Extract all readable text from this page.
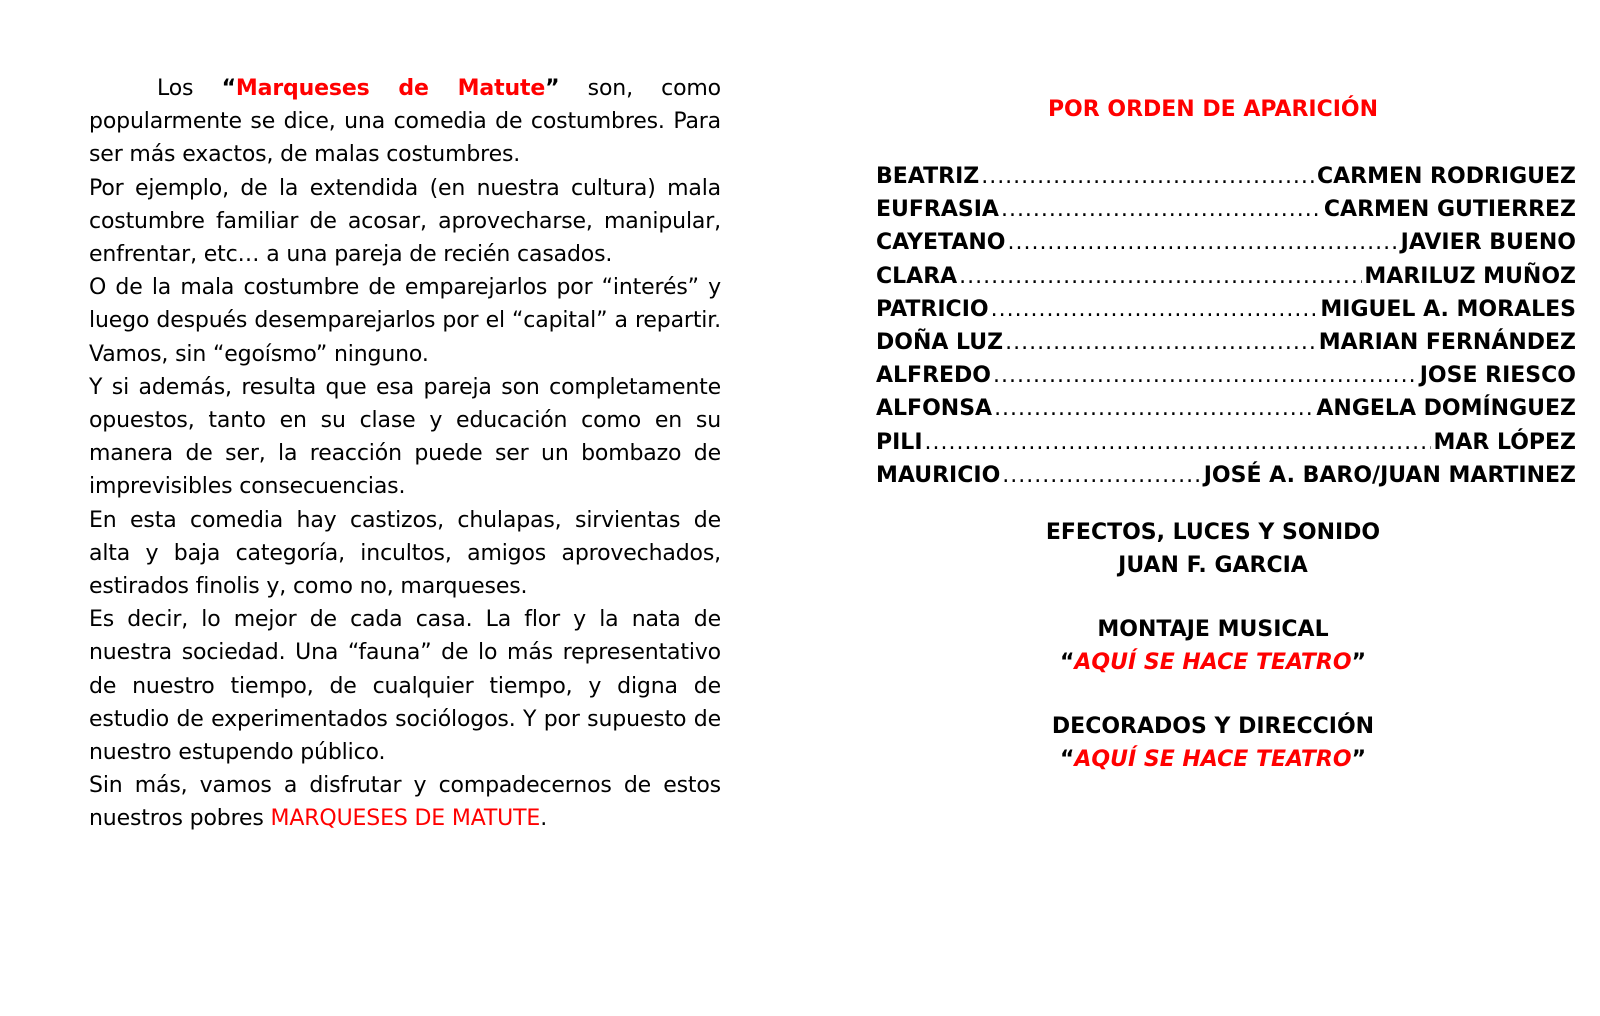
Los “Marqueses de Matute” son, como popularmente se dice, una comedia de costumbres. Para ser más exactos, de malas costumbres.

Por ejemplo, de la extendida (en nuestra cultura) mala costumbre familiar de acosar, aprovecharse, manipular, enfrentar, etc… a una pareja de recién casados.

O de la mala costumbre de emparejarlos por “interés” y luego después desemparejarlos por el “capital” a repartir. Vamos, sin “egoísmo” ninguno.

Y si además, resulta que esa pareja son completamente opuestos, tanto en su clase y educación como en su manera de ser, la reacción puede ser un bombazo de imprevisibles consecuencias.

En esta comedia hay castizos, chulapas, sirvientas de alta y baja categoría, incultos, amigos aprovechados, estirados finolis y, como no, marqueses.

Es decir, lo mejor de cada casa. La flor y la nata de nuestra sociedad. Una “fauna” de lo más representativo de nuestro tiempo, de cualquier tiempo, y digna de estudio de experimentados sociólogos. Y por supuesto de nuestro estupendo público.

Sin más, vamos a disfrutar y compadecernos de estos nuestros pobres MARQUESES DE MATUTE.

POR ORDEN DE APARICIÓN
BEATRIZ .....	CARMEN RODRIGUEZ
EUFRASIA .....	CARMEN GUTIERREZ
CAYETANO .....	JAVIER BUENO
CLARA .....	MARILUZ MUÑOZ
PATRICIO .....	MIGUEL A. MORALES
DOÑA LUZ .....	MARIAN FERNÁNDEZ
ALFREDO .....	JOSE RIESCO
ALFONSA .....	ANGELA DOMÍNGUEZ
PILI .....	MAR LÓPEZ
MAURICIO .....	JOSÉ A. BARO/JUAN MARTINEZ
EFECTOS, LUCES Y SONIDO
JUAN F. GARCIA
MONTAJE MUSICAL
“AQUÍ SE HACE TEATRO”
DECORADOS Y DIRECCIÓN
“AQUÍ SE HACE TEATRO”
